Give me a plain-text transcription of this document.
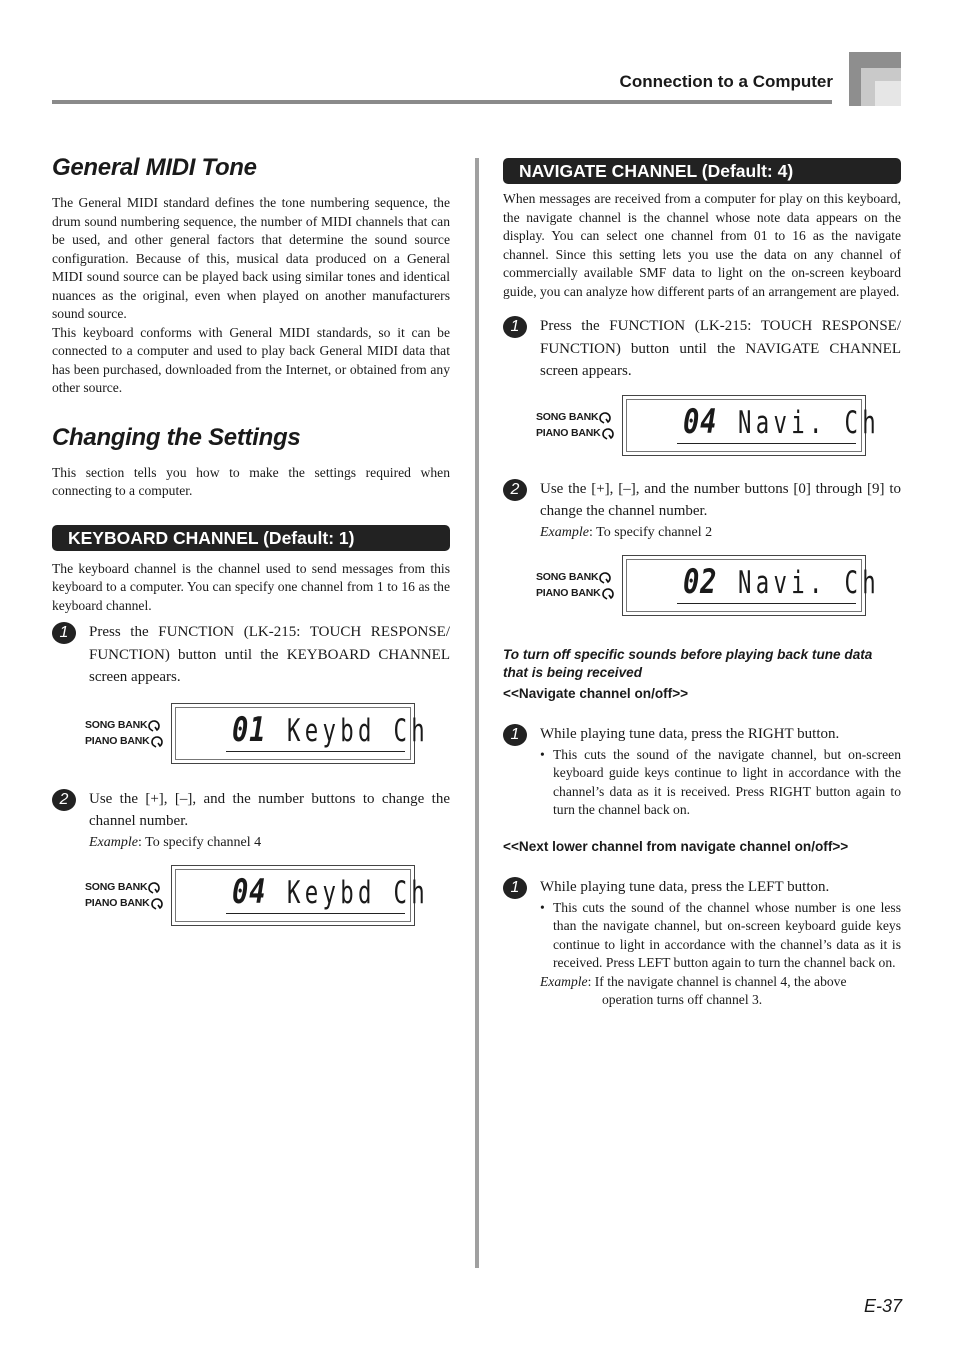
Connection to a Computer
General MIDI Tone

The General MIDI standard defines the tone numbering sequence, the drum sound numbering sequence, the number of MIDI channels that can be used, and other general factors that determine the sound source configuration. Because of this, musical data produced on a General MIDI sound source can be played back using similar tones and identical nuances as the original, even when played on another manufacturers sound source.

This keyboard conforms with General MIDI standards, so it can be connected to a computer and used to play back General MIDI data that has been purchased, downloaded from the Internet, or obtained from any other source.

Changing the Settings

This section tells you how to make the settings required when connecting to a computer.

KEYBOARD CHANNEL (Default: 1)

The keyboard channel is the channel used to send messages from this keyboard to a computer. You can specify one channel from 1 to 16 as the keyboard channel.

1	Press the FUNCTION (LK-215: TOUCH RESPONSE/ FUNCTION) button until the KEYBOARD CHANNEL screen appears.
SONG BANK
PIANO BANK 01 Keybd Ch
2	Use the [+], [–], and the number buttons to change the channel number.
Example: To specify channel 4
SONG BANK
PIANO BANK 04 Keybd Ch
NAVIGATE CHANNEL (Default: 4)

When messages are received from a computer for play on this keyboard, the navigate channel is the channel whose note data appears on the display. You can select one channel from 01 to 16 as the navigate channel. Since this setting lets you use the data on any channel of commercially available SMF data to light on the on-screen keyboard guide, you can analyze how different parts of an arrangement are played.

1	Press the FUNCTION (LK-215: TOUCH RESPONSE/ FUNCTION) button until the NAVIGATE CHANNEL screen appears.
SONG BANK
PIANO BANK 04 Navi. Ch
2	Use the [+], [–], and the number buttons [0] through [9] to change the channel number.
Example: To specify channel 2
SONG BANK
PIANO BANK 02 Navi. Ch
To turn off specific sounds before playing back tune data that is being received
<<Navigate channel on/off>>
1	While playing tune data, press the RIGHT button.
• This cuts the sound of the navigate channel, but on-screen keyboard guide keys continue to light in accordance with the channel’s data as it is received. Press RIGHT button again to turn the channel back on.
<<Next lower channel from navigate channel on/off>>
1	While playing tune data, press the LEFT button.
• This cuts the sound of the channel whose number is one less than the navigate channel, but on-screen keyboard guide keys continue to light in accordance with the channel’s data as it is received. Press LEFT button again to turn the channel back on.
Example: If the navigate channel is channel 4, the above operation turns off channel 3.
E-37
